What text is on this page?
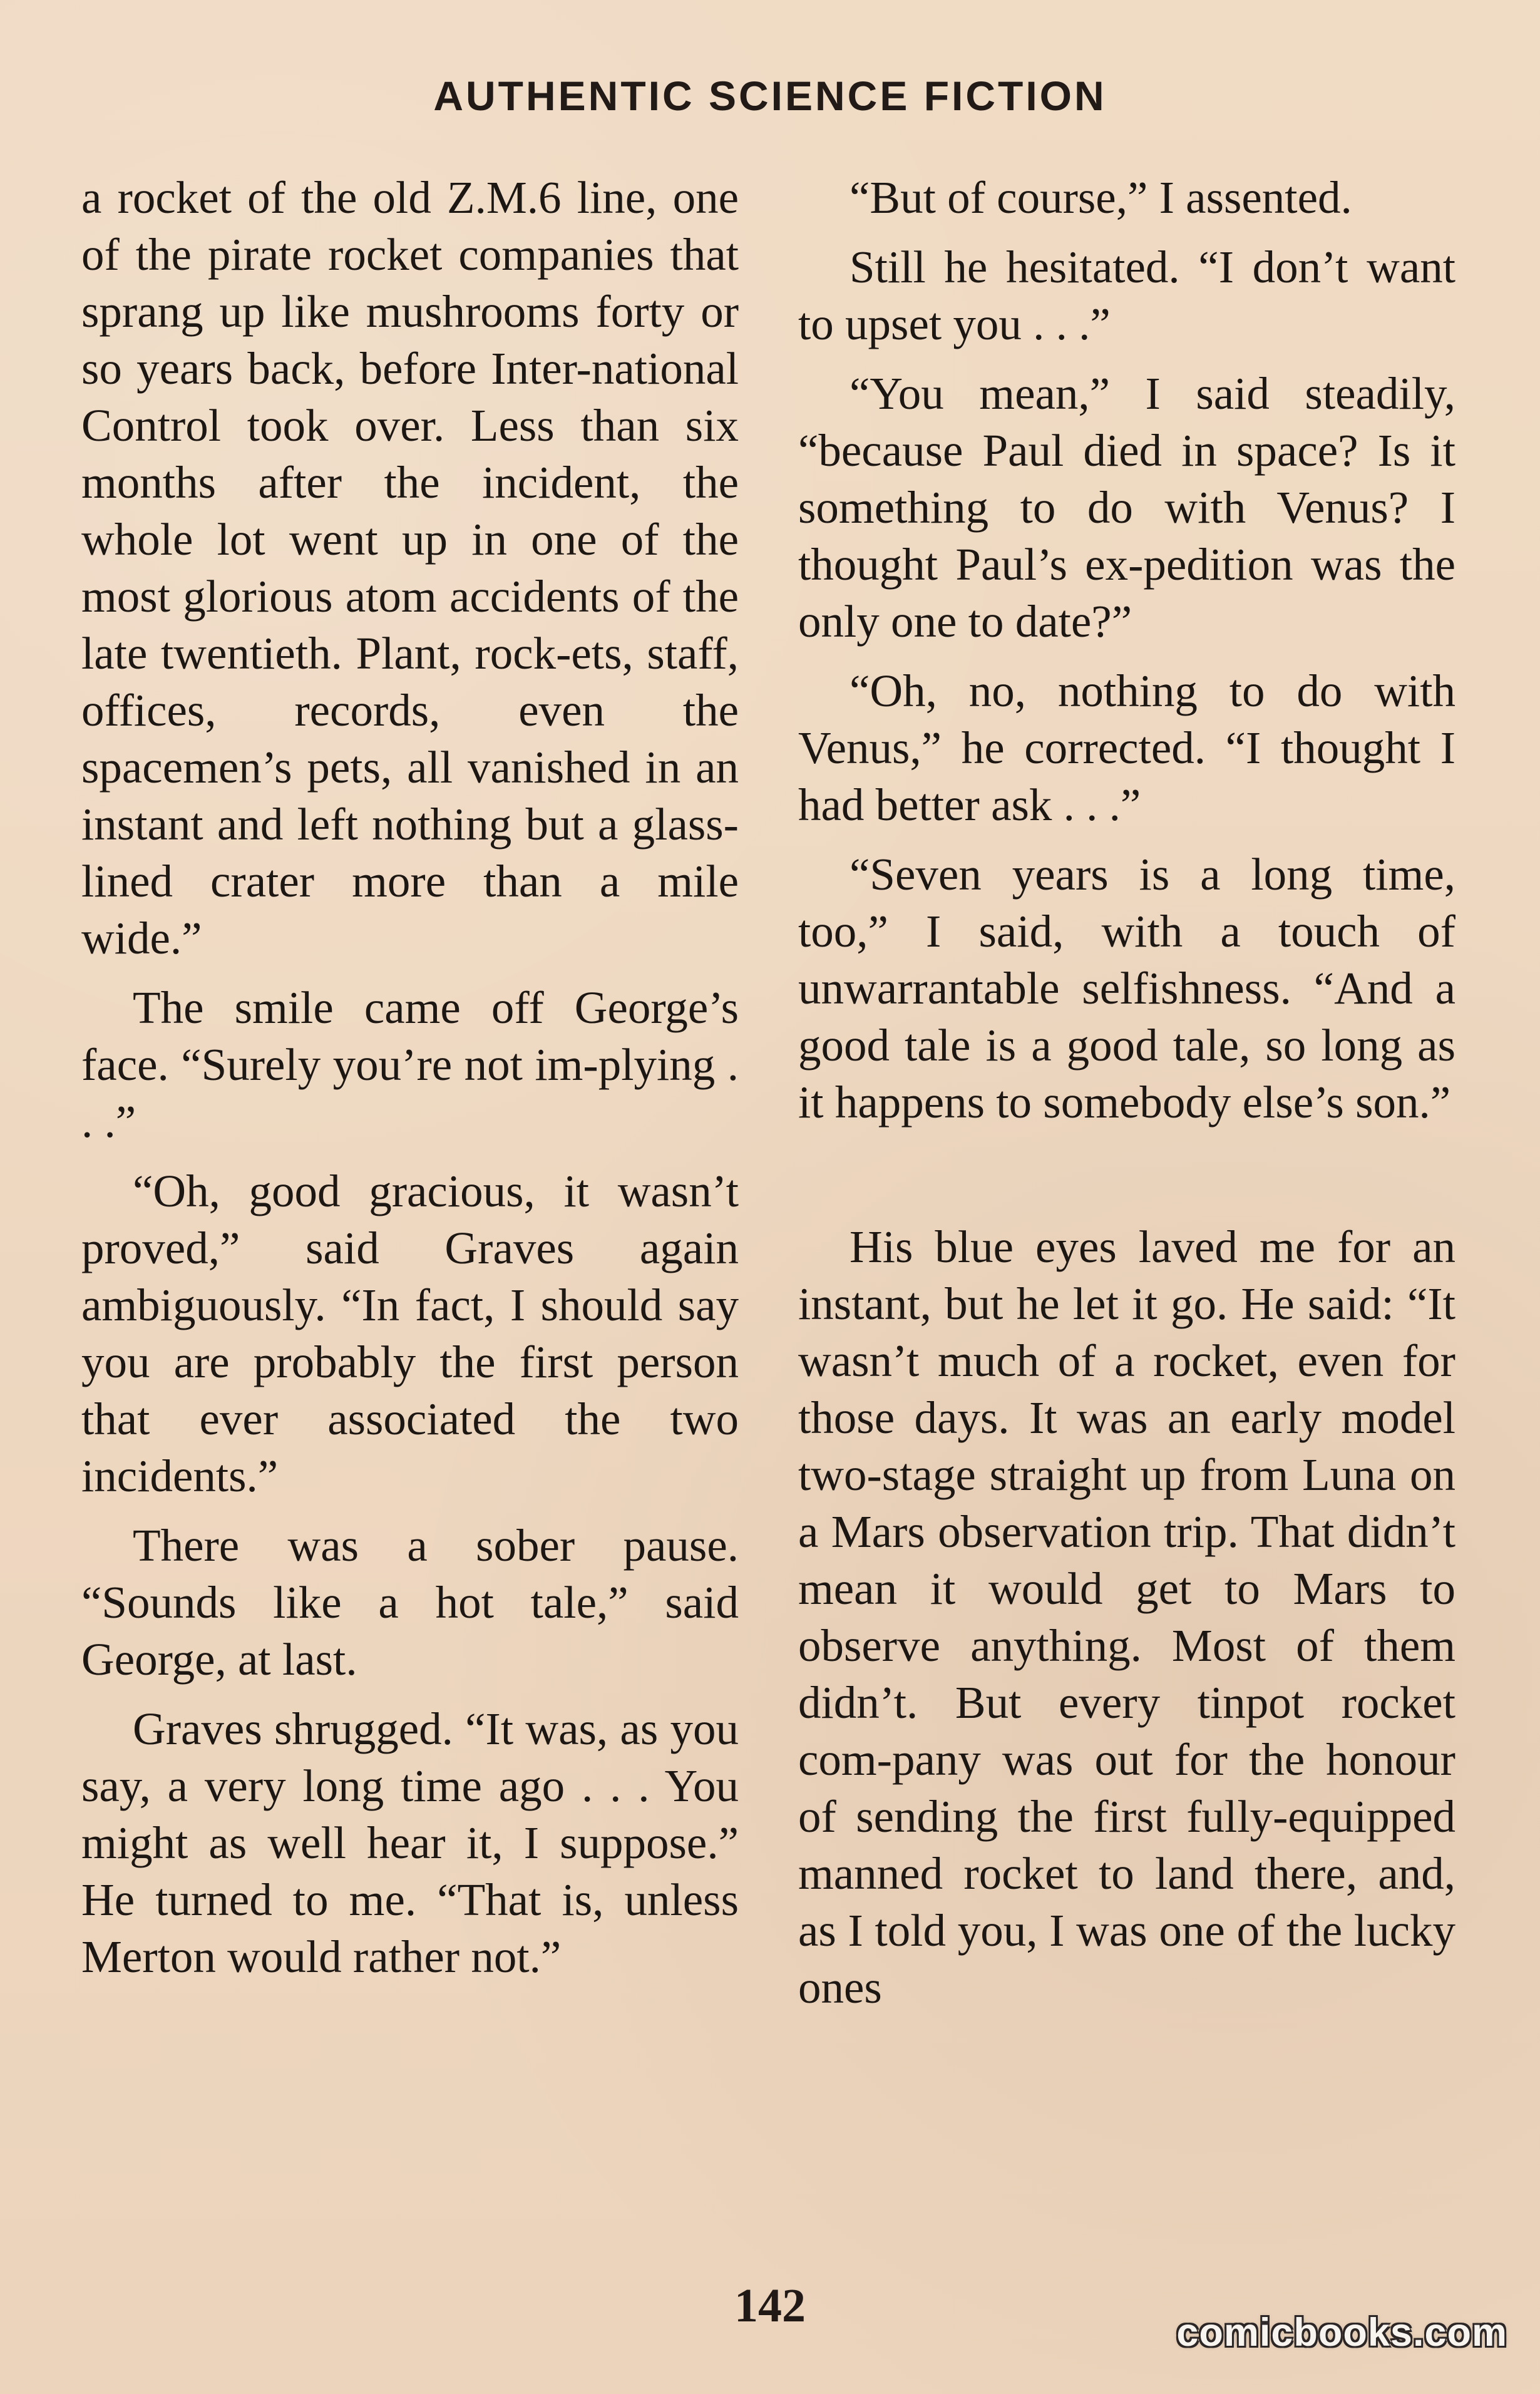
AUTHENTIC SCIENCE FICTION

a rocket of the old Z.M.6 line, one of the pirate rocket companies that sprang up like mushrooms forty or so years back, before Inter-national Control took over. Less than six months after the incident, the whole lot went up in one of the most glorious atom accidents of the late twentieth. Plant, rock-ets, staff, offices, records, even the spacemen’s pets, all vanished in an instant and left nothing but a glass-lined crater more than a mile wide.”

The smile came off George’s face. “Surely you’re not im-plying . . .”

“Oh, good gracious, it wasn’t proved,” said Graves again ambiguously. “In fact, I should say you are probably the first person that ever associated the two incidents.”

There was a sober pause. “Sounds like a hot tale,” said George, at last.

Graves shrugged. “It was, as you say, a very long time ago . . . You might as well hear it, I suppose.” He turned to me. “That is, unless Merton would rather not.”

“But of course,” I assented.

Still he hesitated. “I don’t want to upset you . . .”

“You mean,” I said steadily, “because Paul died in space? Is it something to do with Venus? I thought Paul’s ex-pedition was the only one to date?”

“Oh, no, nothing to do with Venus,” he corrected. “I thought I had better ask . . .”

“Seven years is a long time, too,” I said, with a touch of unwarrantable selfishness. “And a good tale is a good tale, so long as it happens to somebody else’s son.”

His blue eyes laved me for an instant, but he let it go. He said: “It wasn’t much of a rocket, even for those days. It was an early model two-stage straight up from Luna on a Mars observation trip. That didn’t mean it would get to Mars to observe anything. Most of them didn’t. But every tinpot rocket com-pany was out for the honour of sending the first fully-equipped manned rocket to land there, and, as I told you, I was one of the lucky ones

142
comicbooks.com
